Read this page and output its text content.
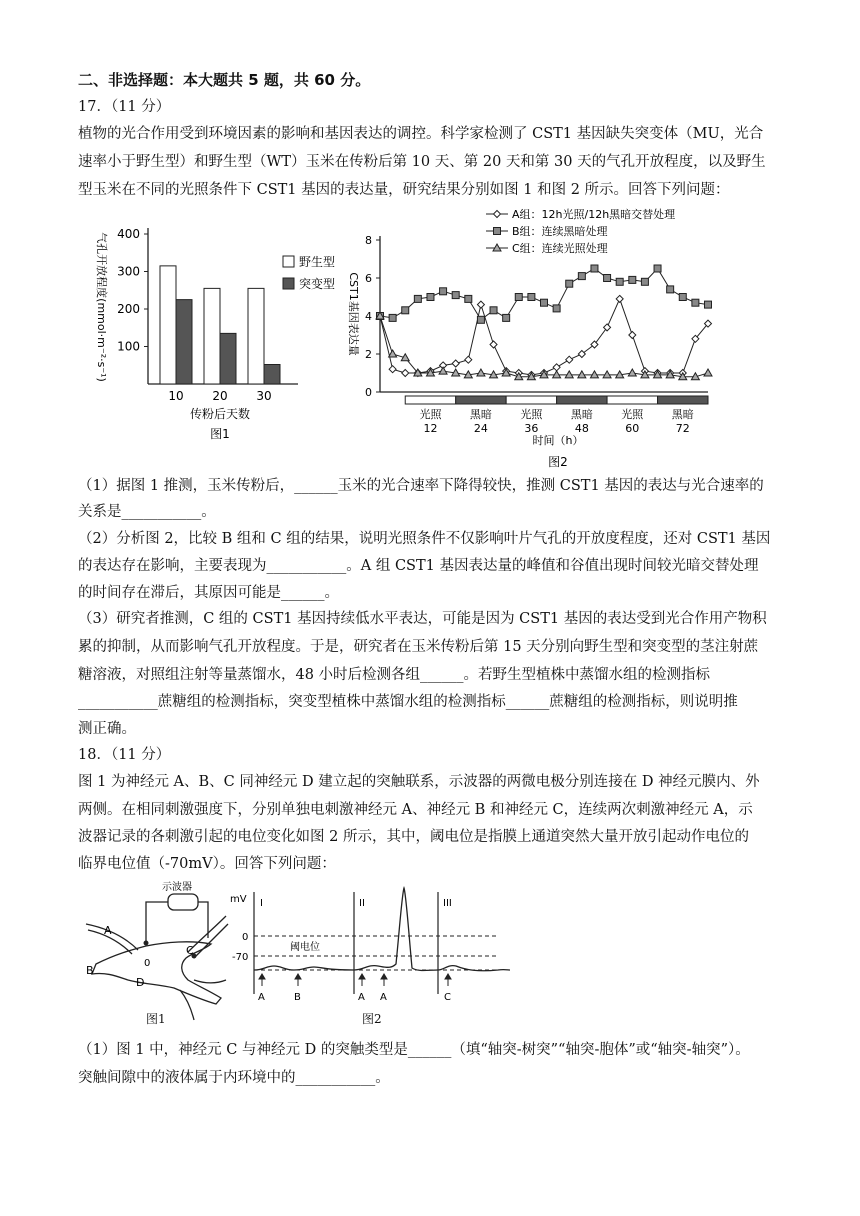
二、非选择题：本大题共 5 题，共 60 分。
17．（11 分）
植物的光合作用受到环境因素的影响和基因表达的调控。科学家检测了 CST1 基因缺失突变体（MU，光合
速率小于野生型）和野生型（WT）玉米在传粉后第 10 天、第 20 天和第 30 天的气孔开放程度，以及野生
型玉米在不同的光照条件下 CST1 基因的表达量，研究结果分别如图 1 和图 2 所示。回答下列问题：
400
300
200
100
10 20 30
传粉后天数
图1
气孔开放程度(mmol·m⁻²·s⁻¹)	野生型
突变型
8
6
4
2
0
CST1基因表达量
光照
12
黑暗
24
光照
36
黑暗
48
光照
60
黑暗
72
时间（h）
图2
A组：12h光照/12h黑暗交替处理
B组：连续黑暗处理
C组：连续光照处理
（1）据图 1 推测，玉米传粉后，______玉米的光合速率下降得较快，推测 CST1 基因的表达与光合速率的
关系是___________。
（2）分析图 2，比较 B 组和 C 组的结果，说明光照条件不仅影响叶片气孔的开放度程度，还对 CST1 基因
的表达存在影响，主要表现为___________。A 组 CST1 基因表达量的峰值和谷值出现时间较光暗交替处理
的时间存在滞后，其原因可能是______。
（3）研究者推测，C 组的 CST1 基因持续低水平表达，可能是因为 CST1 基因的表达受到光合作用产物积
累的抑制，从而影响气孔开放程度。于是，研究者在玉米传粉后第 15 天分别向野生型和突变型的茎注射蔗
糖溶液，对照组注射等量蒸馏水，48 小时后检测各组______。若野生型植株中蒸馏水组的检测指标
___________蔗糖组的检测指标，突变型植株中蒸馏水组的检测指标______蔗糖组的检测指标，则说明推
测正确。
18．（11 分）
图 1 为神经元 A、B、C 同神经元 D 建立起的突触联系，示波器的两微电极分别连接在 D 神经元膜内、外
两侧。在相同刺激强度下，分别单独电刺激神经元 A、神经元 B 和神经元 C，连续两次刺激神经元 A，示
波器记录的各刺激引起的电位变化如图 2 所示，其中，阈电位是指膜上通道突然大量开放引起动作电位的
临界电位值（-70mV）。回答下列问题：
示波器
A
B
C
D
0
图1
mV I	II	III
0
-70
阈电位
A	B	A A	C
图2
（1）图 1 中，神经元 C 与神经元 D 的突触类型是______（填“轴突-树突”“轴突-胞体”或“轴突-轴突”）。
突触间隙中的液体属于内环境中的___________。
